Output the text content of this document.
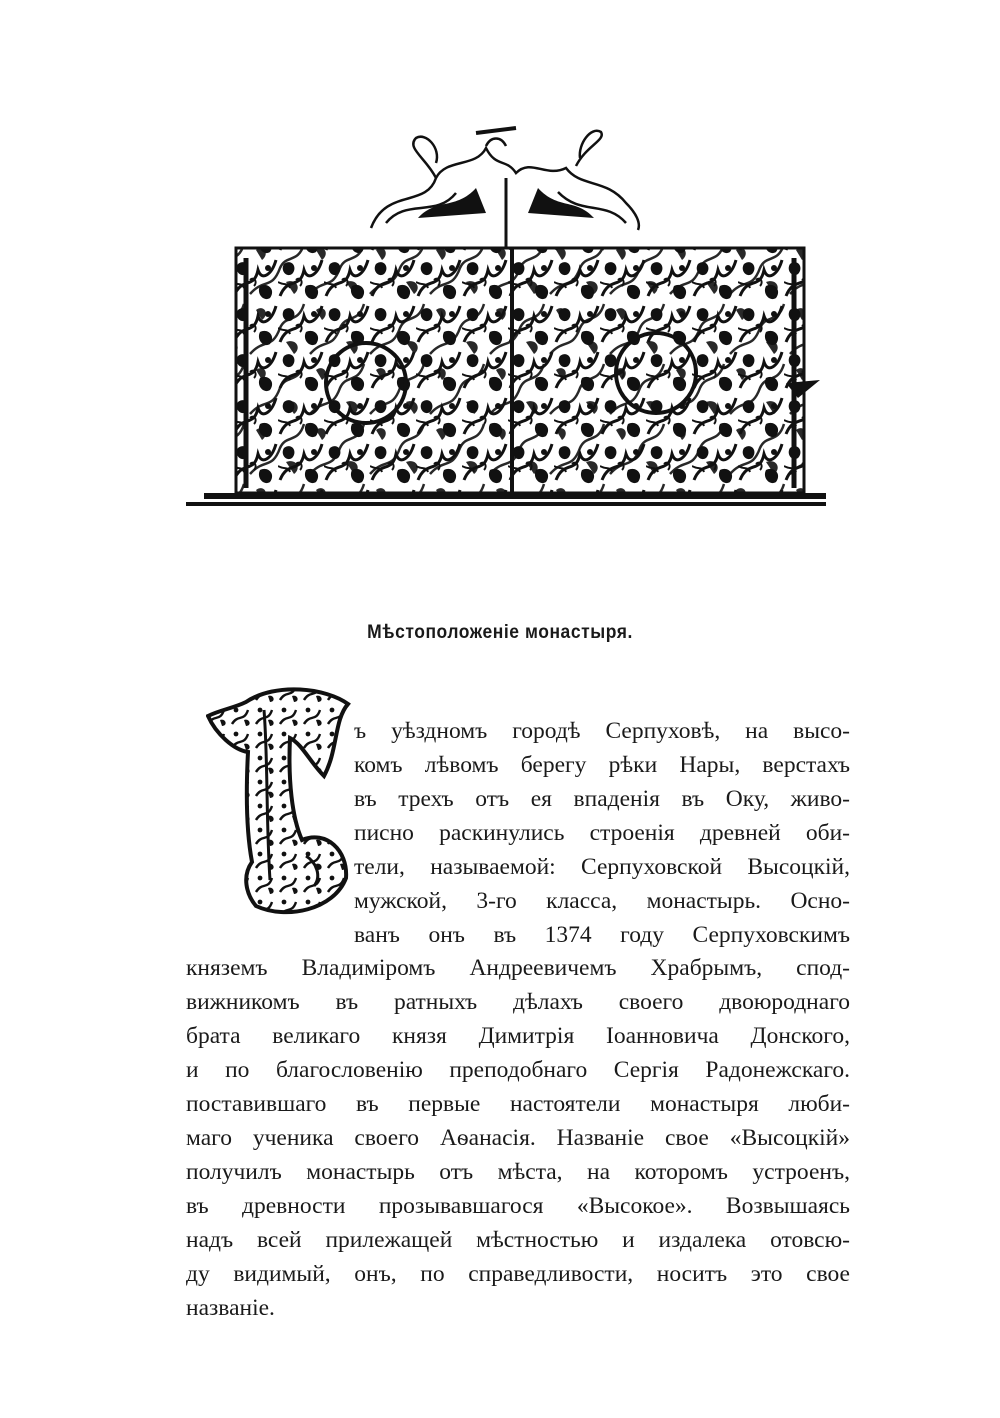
Мѣстоположеніе монастыря.
ъ уѣздномъ городѣ Серпуховѣ, на высо-
комъ лѣвомъ берегу рѣки Нары, верстахъ
въ трехъ отъ ея впаденія въ Оку, живо-
писно раскинулись строенія древней оби-
тели, называемой: Серпуховской Высоцкій,
мужской, 3-го класса, монастырь. Осно-
ванъ онъ въ 1374 году Серпуховскимъ
княземъ Владиміромъ Андреевичемъ Храбрымъ, спод-
вижникомъ въ ратныхъ дѣлахъ своего двоюроднаго
брата великаго князя Димитрія Іоанновича Донского,
и по благословенію преподобнаго Сергія Радонежскаго.
поставившаго въ первые настоятели монастыря люби-
маго ученика своего Аѳанасія. Названіе свое «Высоцкій»
получилъ монастырь отъ мѣста, на которомъ устроенъ,
въ древности прозывавшагося «Высокое». Возвышаясь
надъ всей прилежащей мѣстностью и издалека отовсю-
ду видимый, онъ, по справедливости, носитъ это свое
названіе.
